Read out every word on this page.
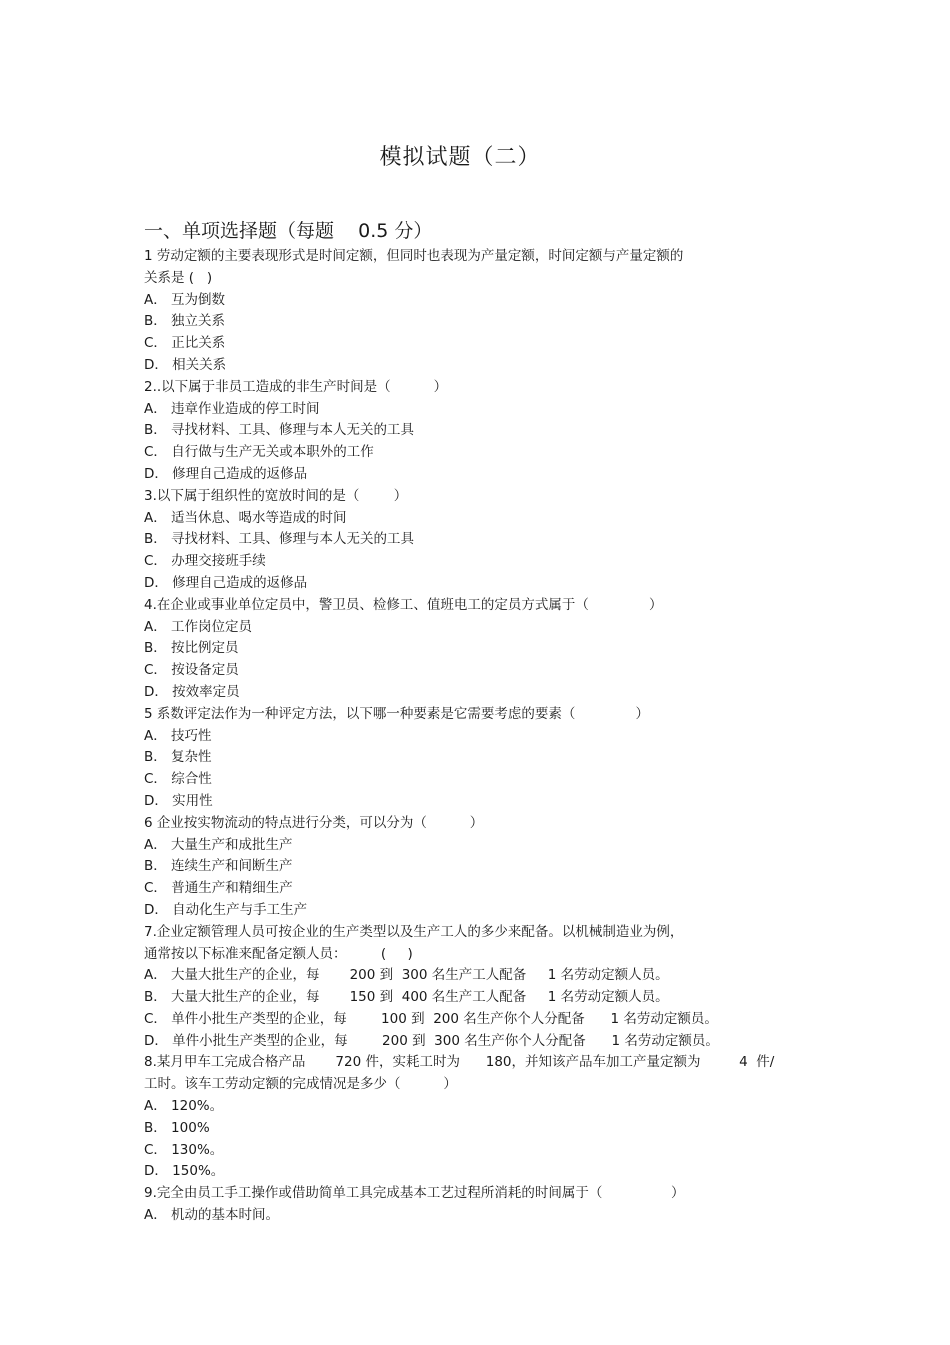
模拟试题（二）
一、单项选择题（每题    0.5 分）
1 劳动定额的主要表现形式是时间定额，但同时也表现为产量定额，时间定额与产量定额的
关系是 (   )
A． 互为倒数
B． 独立关系
C． 正比关系
D． 相关关系
2..以下属于非员工造成的非生产时间是（          ）
A． 违章作业造成的停工时间
B． 寻找材料、工具、修理与本人无关的工具
C． 自行做与生产无关或本职外的工作
D． 修理自己造成的返修品
3.以下属于组织性的宽放时间的是（        ）
A． 适当休息、喝水等造成的时间
B． 寻找材料、工具、修理与本人无关的工具
C． 办理交接班手续
D． 修理自己造成的返修品
4.在企业或事业单位定员中，警卫员、检修工、值班电工的定员方式属于（              ）
A． 工作岗位定员
B． 按比例定员
C． 按设备定员
D． 按效率定员
5 系数评定法作为一种评定方法，以下哪一种要素是它需要考虑的要素（              ）
A． 技巧性
B． 复杂性
C． 综合性
D． 实用性
6 企业按实物流动的特点进行分类，可以分为（          ）
A． 大量生产和成批生产
B． 连续生产和间断生产
C． 普通生产和精细生产
D． 自动化生产与手工生产
7.企业定额管理人员可按企业的生产类型以及生产工人的多少来配备。以机械制造业为例，
通常按以下标准来配备定额人员：        (     )
A． 大量大批生产的企业，每       200 到  300 名生产工人配备     1 名劳动定额人员。
B． 大量大批生产的企业，每       150 到  400 名生产工人配备     1 名劳动定额人员。
C． 单件小批生产类型的企业，每        100 到  200 名生产你个人分配备      1 名劳动定额员。
D． 单件小批生产类型的企业，每        200 到  300 名生产你个人分配备      1 名劳动定额员。
8.某月甲车工完成合格产品       720 件，实耗工时为      180，并知该产品车加工产量定额为         4  件/
工时。该车工劳动定额的完成情况是多少（          ）
A． 120%。
B． 100%
C． 130%。
D． 150%。
9.完全由员工手工操作或借助简单工具完成基本工艺过程所消耗的时间属于（                ）
A． 机动的基本时间。
